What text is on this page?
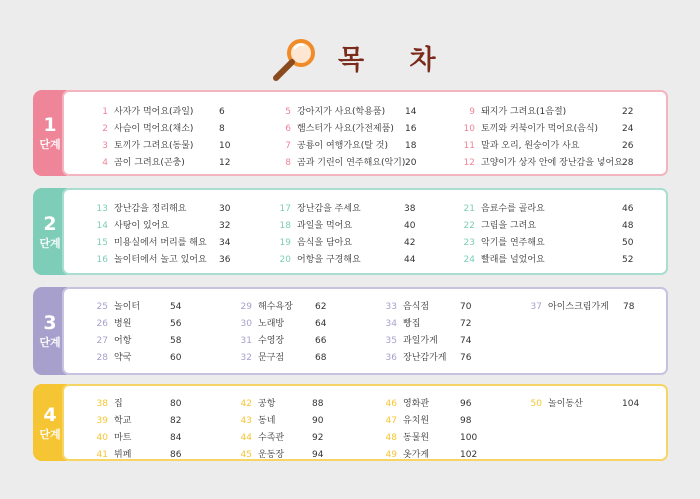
목 차
1
단계
1 사자가 먹어요(과일)	6
2 사슴이 먹어요(채소)	8
3 토끼가 그려요(동물)	10
4 곰이 그려요(곤충)	12
5 강아지가 사요(학용품) 14
6 햄스터가 사요(가전제품) 16
7 공룡이 여행가요(탈 것) 18
8 곰과 기린이 연주해요(악기) 20
9 돼지가 그려요(1음절)	22
10 토끼와 커북이가 먹어요(음식)	24
11 말과 오리, 원숭이가 사요	26
12 고양이가 상자 안에 장난감을 넣어요 28
2
단계
13 장난감을 정리해요	30
14 사탕이 있어요	32
15 미용실에서 머리를 해요 34
16 놀이터에서 놀고 있어요 36
17 장난감을 주세요	38
18 과일을 먹어요	40
19 음식을 담아요	42
20 어항을 구경해요	44
21 음료수를 골라요	46
22 그림을 그려요	48
23 악기를 연주해요	50
24 빨래를 널었어요	52
3
단계
25 놀이터	54
26 병원	56
27 어항	58
28 약국	60
29 해수욕장 62
30 노래방	64
31 수영장	66
32 문구점	68
33 음식점	70
34 빵집	72
35 과일가게 74
36 장난감가게 76
37 아이스크림가게 78
4
단계
38 집	80
39 학교	82
40 마트	84
41 뷔페	86
42 공항	88
43 동네	90
44 수족관	92
45 운동장	94
46 영화관	96
47 유치원	98
48 동물원	100
49 옷가게	102
50 놀이동산	104
